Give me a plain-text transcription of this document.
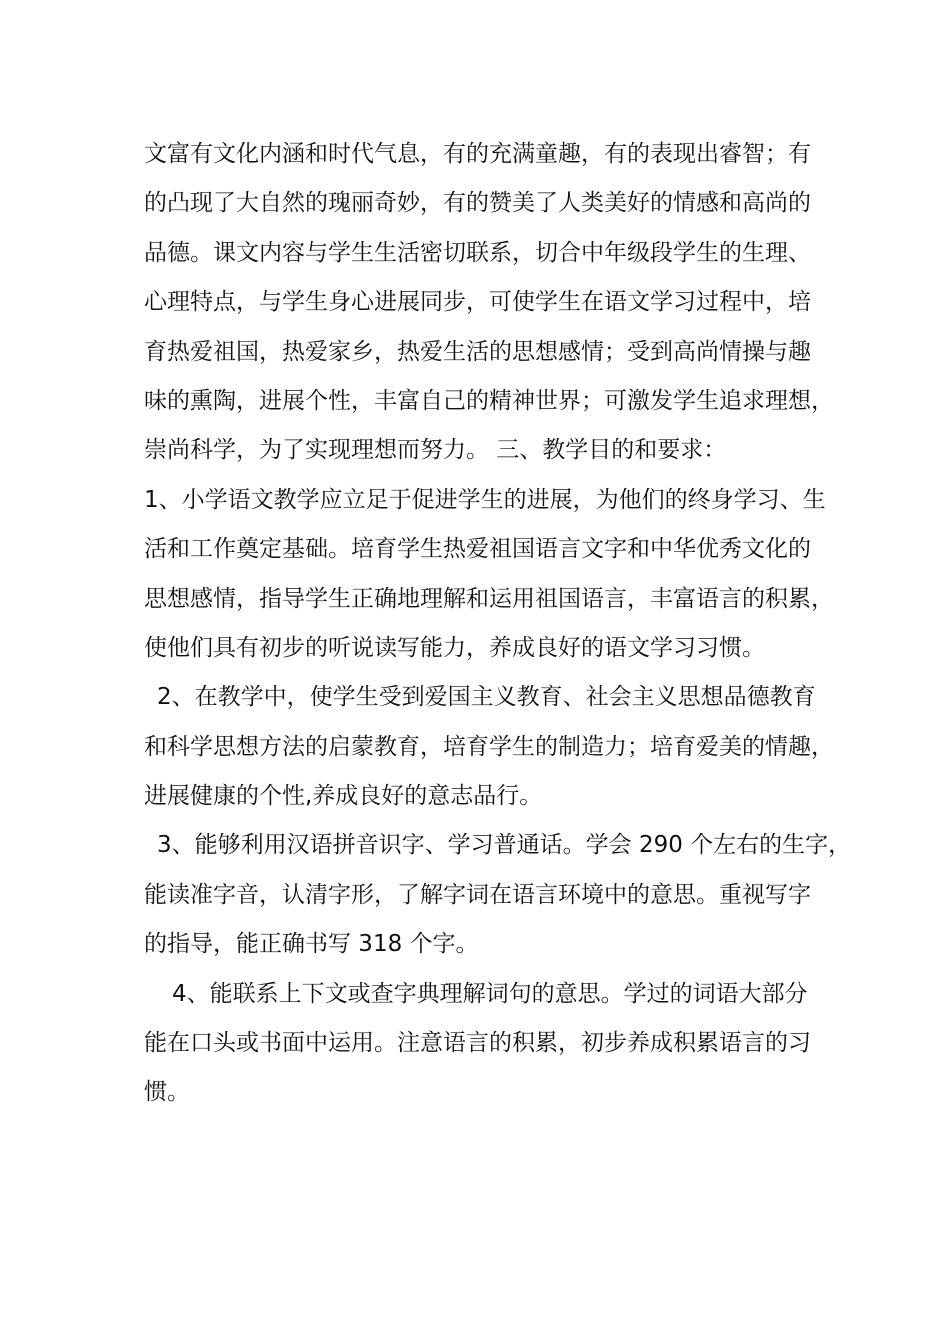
文富有文化内涵和时代气息，有的充满童趣，有的表现出睿智；有
的凸现了大自然的瑰丽奇妙，有的赞美了人类美好的情感和高尚的
品德。课文内容与学生生活密切联系，切合中年级段学生的生理、
心理特点，与学生身心进展同步，可使学生在语文学习过程中，培
育热爱祖国，热爱家乡，热爱生活的思想感情；受到高尚情操与趣
味的熏陶，进展个性，丰富自己的精神世界；可激发学生追求理想，
崇尚科学，为了实现理想而努力。 三、教学目的和要求：
1、小学语文教学应立足于促进学生的进展，为他们的终身学习、生
活和工作奠定基础。培育学生热爱祖国语言文字和中华优秀文化的
思想感情，指导学生正确地理解和运用祖国语言，丰富语言的积累，
使他们具有初步的听说读写能力，养成良好的语文学习习惯。
2、在教学中，使学生受到爱国主义教育、社会主义思想品德教育
和科学思想方法的启蒙教育，培育学生的制造力；培育爱美的情趣，
进展健康的个性,养成良好的意志品行。
3、能够利用汉语拼音识字、学习普通话。学会 290 个左右的生字，
能读准字音，认清字形，了解字词在语言环境中的意思。重视写字
的指导，能正确书写 318 个字。
4、能联系上下文或查字典理解词句的意思。学过的词语大部分
能在口头或书面中运用。注意语言的积累，初步养成积累语言的习
惯。
